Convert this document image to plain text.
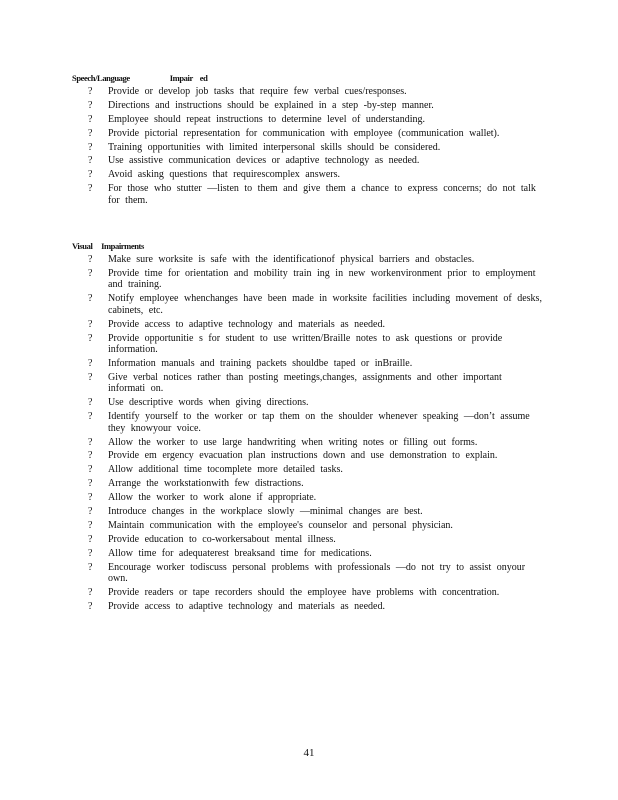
Speech/Language	Impair ed
?	Provide or develop job tasks that require few verbal cues/responses.
?	Directions and instructions should be explained in a step -by-step manner.
?	Employee should repeat instructions to determine level of understanding.
?	Provide pictorial representation for communication with employee (communication wallet).
?	Training opportunities with limited interpersonal skills should be considered.
?	Use assistive communication devices or adaptive technology as needed.
?	Avoid asking questions that requirescomplex answers.
?	For those who stutter —listen to them and give them a chance to express concerns; do not talk for them.
Visual Impairments
?	Make sure worksite is safe with the identificationof physical barriers and obstacles.
?	Provide time for orientation and mobility train ing in new workenvironment prior to employment and training.
?	Notify employee whenchanges have been made in worksite facilities including movement of desks, cabinets, etc.
?	Provide access to adaptive technology and materials as needed.
?	Provide opportunitie s for student to use written/Braille notes to ask questions or provide information.
?	Information manuals and training packets shouldbe taped or inBraille.
?	Give verbal notices rather than posting meetings,changes, assignments and other important informati on.
?	Use descriptive words when giving directions.
?	Identify yourself to the worker or tap them on the shoulder whenever speaking —don’t assume they knowyour voice.
?	Allow the worker to use large handwriting when writing notes or filling out forms.
?	Provide em ergency evacuation plan instructions down and use demonstration to explain.
?	Allow additional time tocomplete more detailed tasks.
?	Arrange the workstationwith few distractions.
?	Allow the worker to work alone if appropriate.
?	Introduce changes in the workplace slowly —minimal changes are best.
?	Maintain communication with the employee's counselor and personal physician.
?	Provide education to co-workersabout mental illness.
?	Allow time for adequaterest breaksand time for medications.
?	Encourage worker todiscuss personal problems with professionals —do not try to assist onyour own.
?	Provide readers or tape recorders should the employee have problems with concentration.
?	Provide access to adaptive technology and materials as needed.
41
